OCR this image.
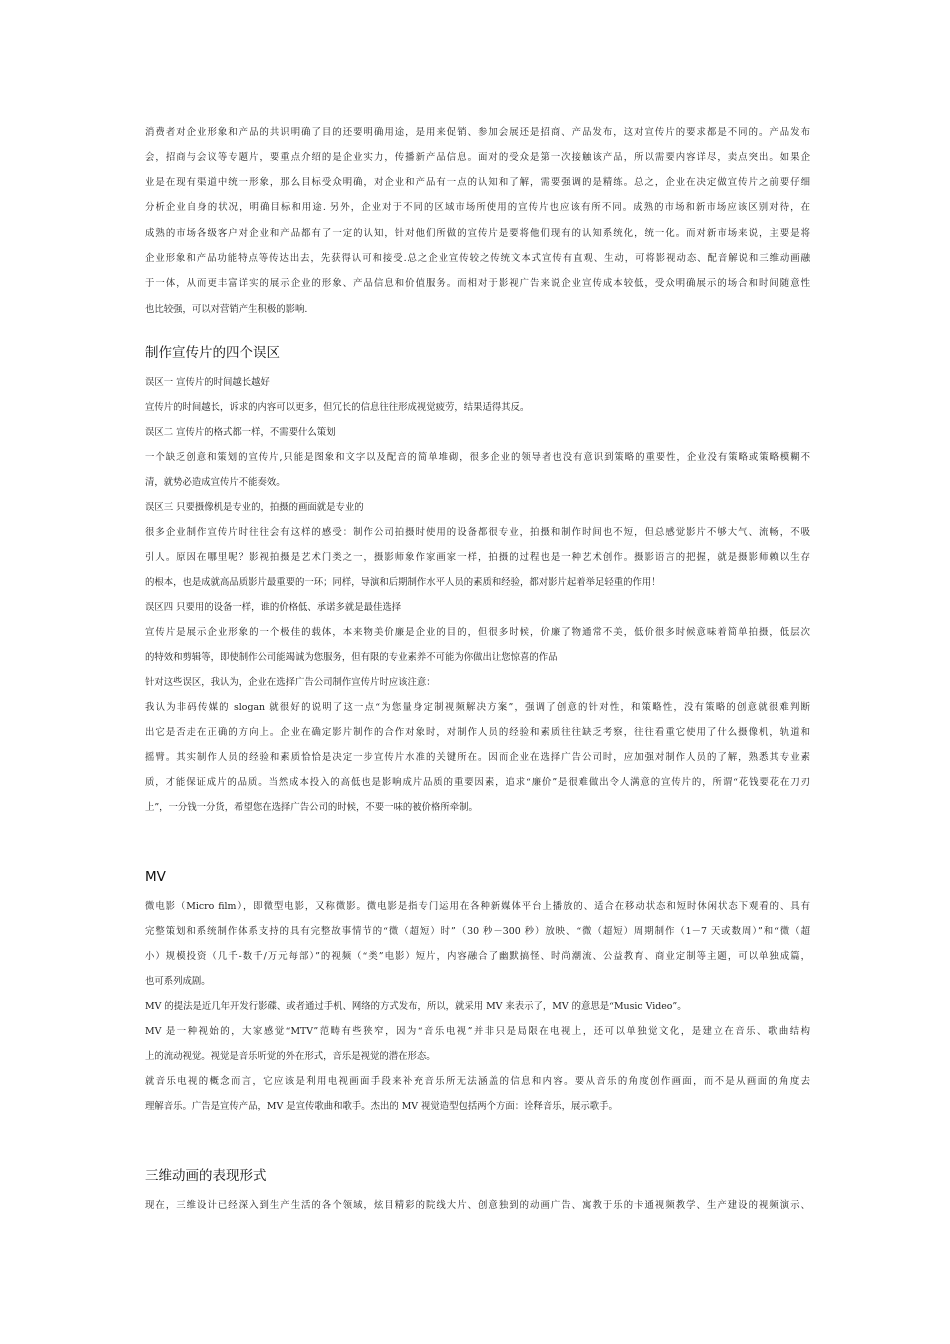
消费者对企业形象和产品的共识明确了目的还要明确用途，是用来促销、参加会展还是招商、产品发布，这对宣传片的要求都是不同的。产品发布
会，招商与会议等专题片，要重点介绍的是企业实力，传播新产品信息。面对的受众是第一次接触该产品，所以需要内容详尽，卖点突出。如果企
业是在现有渠道中统一形象，那么目标受众明确，对企业和产品有一点的认知和了解，需要强调的是精练。总之，企业在决定做宣传片之前要仔细
分析企业自身的状况，明确目标和用途. 另外，企业对于不同的区域市场所使用的宣传片也应该有所不同。成熟的市场和新市场应该区别对待，在
成熟的市场各级客户对企业和产品都有了一定的认知，针对他们所做的宣传片是要将他们现有的认知系统化，统一化。而对新市场来说，主要是将
企业形象和产品功能特点等传达出去，先获得认可和接受.总之企业宣传较之传统文本式宣传有直观、生动，可将影视动态、配音解说和三维动画融
于一体，从而更丰富详实的展示企业的形象、产品信息和价值服务。而相对于影视广告来说企业宣传成本较低，受众明确展示的场合和时间随意性
也比较强，可以对营销产生积极的影响.
制作宣传片的四个误区
误区一 宣传片的时间越长越好
宣传片的时间越长，诉求的内容可以更多，但冗长的信息往往形成视觉疲劳，结果适得其反。
误区二 宣传片的格式都一样，不需要什么策划
一个缺乏创意和策划的宣传片,只能是图象和文字以及配音的简单堆砌，很多企业的领导者也没有意识到策略的重要性，企业没有策略或策略模糊不
清，就势必造成宣传片不能奏效。
误区三 只要摄像机是专业的，拍摄的画面就是专业的
很多企业制作宣传片时往往会有这样的感受：制作公司拍摄时使用的设备都很专业，拍摄和制作时间也不短，但总感觉影片不够大气、流畅，不吸
引人。原因在哪里呢？影视拍摄是艺术门类之一，摄影师象作家画家一样，拍摄的过程也是一种艺术创作。摄影语言的把握，就是摄影师赖以生存
的根本，也是成就高品质影片最重要的一环；同样，导演和后期制作水平人员的素质和经验，都对影片起着举足轻重的作用！
误区四 只要用的设备一样，谁的价格低、承诺多就是最佳选择
宣传片是展示企业形象的一个极佳的载体，本来物美价廉是企业的目的，但很多时候，价廉了物通常不美，低价很多时候意味着简单拍摄，低层次
的特效和剪辑等，即使制作公司能竭诚为您服务，但有限的专业素养不可能为你做出让您惊喜的作品
针对这些误区，我认为，企业在选择广告公司制作宣传片时应该注意：
我认为非码传媒的 slogan 就很好的说明了这一点“为您量身定制视频解决方案”，强调了创意的针对性，和策略性，没有策略的创意就很难判断
出它是否走在正确的方向上。企业在确定影片制作的合作对象时，对制作人员的经验和素质往往缺乏考察，往往看重它使用了什么摄像机，轨道和
摇臂。其实制作人员的经验和素质恰恰是决定一步宣传片水准的关键所在。因而企业在选择广告公司时，应加强对制作人员的了解，熟悉其专业素
质，才能保证成片的品质。当然成本投入的高低也是影响成片品质的重要因素，追求“廉价”是很难做出令人满意的宣传片的，所谓“花钱要花在刀刃
上”，一分钱一分货，希望您在选择广告公司的时候，不要一味的被价格所牵制。
MV
微电影（Micro film），即微型电影，又称微影。微电影是指专门运用在各种新媒体平台上播放的、适合在移动状态和短时休闲状态下观看的、具有
完整策划和系统制作体系支持的具有完整故事情节的“微（超短）时”（30 秒－300 秒）放映、“微（超短）周期制作（1－7 天或数周）”和“微（超
小）规模投资（几千-数千/万元每部）”的视频（“类”电影）短片，内容融合了幽默搞怪、时尚潮流、公益教育、商业定制等主题，可以单独成篇，
也可系列成剧。
MV 的提法是近几年开发行影碟、或者通过手机、网络的方式发布，所以，就采用 MV 来表示了，MV 的意思是“Music Video”。
MV 是一种视始的，大家感觉“MTV”范畴有些狭窄，因为“音乐电视”并非只是局限在电视上，还可以单独觉文化，是建立在音乐、歌曲结构
上的流动视觉。视觉是音乐听觉的外在形式，音乐是视觉的潜在形态。
就音乐电视的概念而言，它应该是利用电视画面手段来补充音乐所无法涵盖的信息和内容。要从音乐的角度创作画面，而不是从画面的角度去
理解音乐。广告是宣传产品，MV 是宣传歌曲和歌手。杰出的 MV 视觉造型包括两个方面：诠释音乐，展示歌手。
三维动画的表现形式
现在，三维设计已经深入到生产生活的各个领域，炫目精彩的院线大片、创意独到的动画广告、寓教于乐的卡通视频教学、生产建设的视频演示、
